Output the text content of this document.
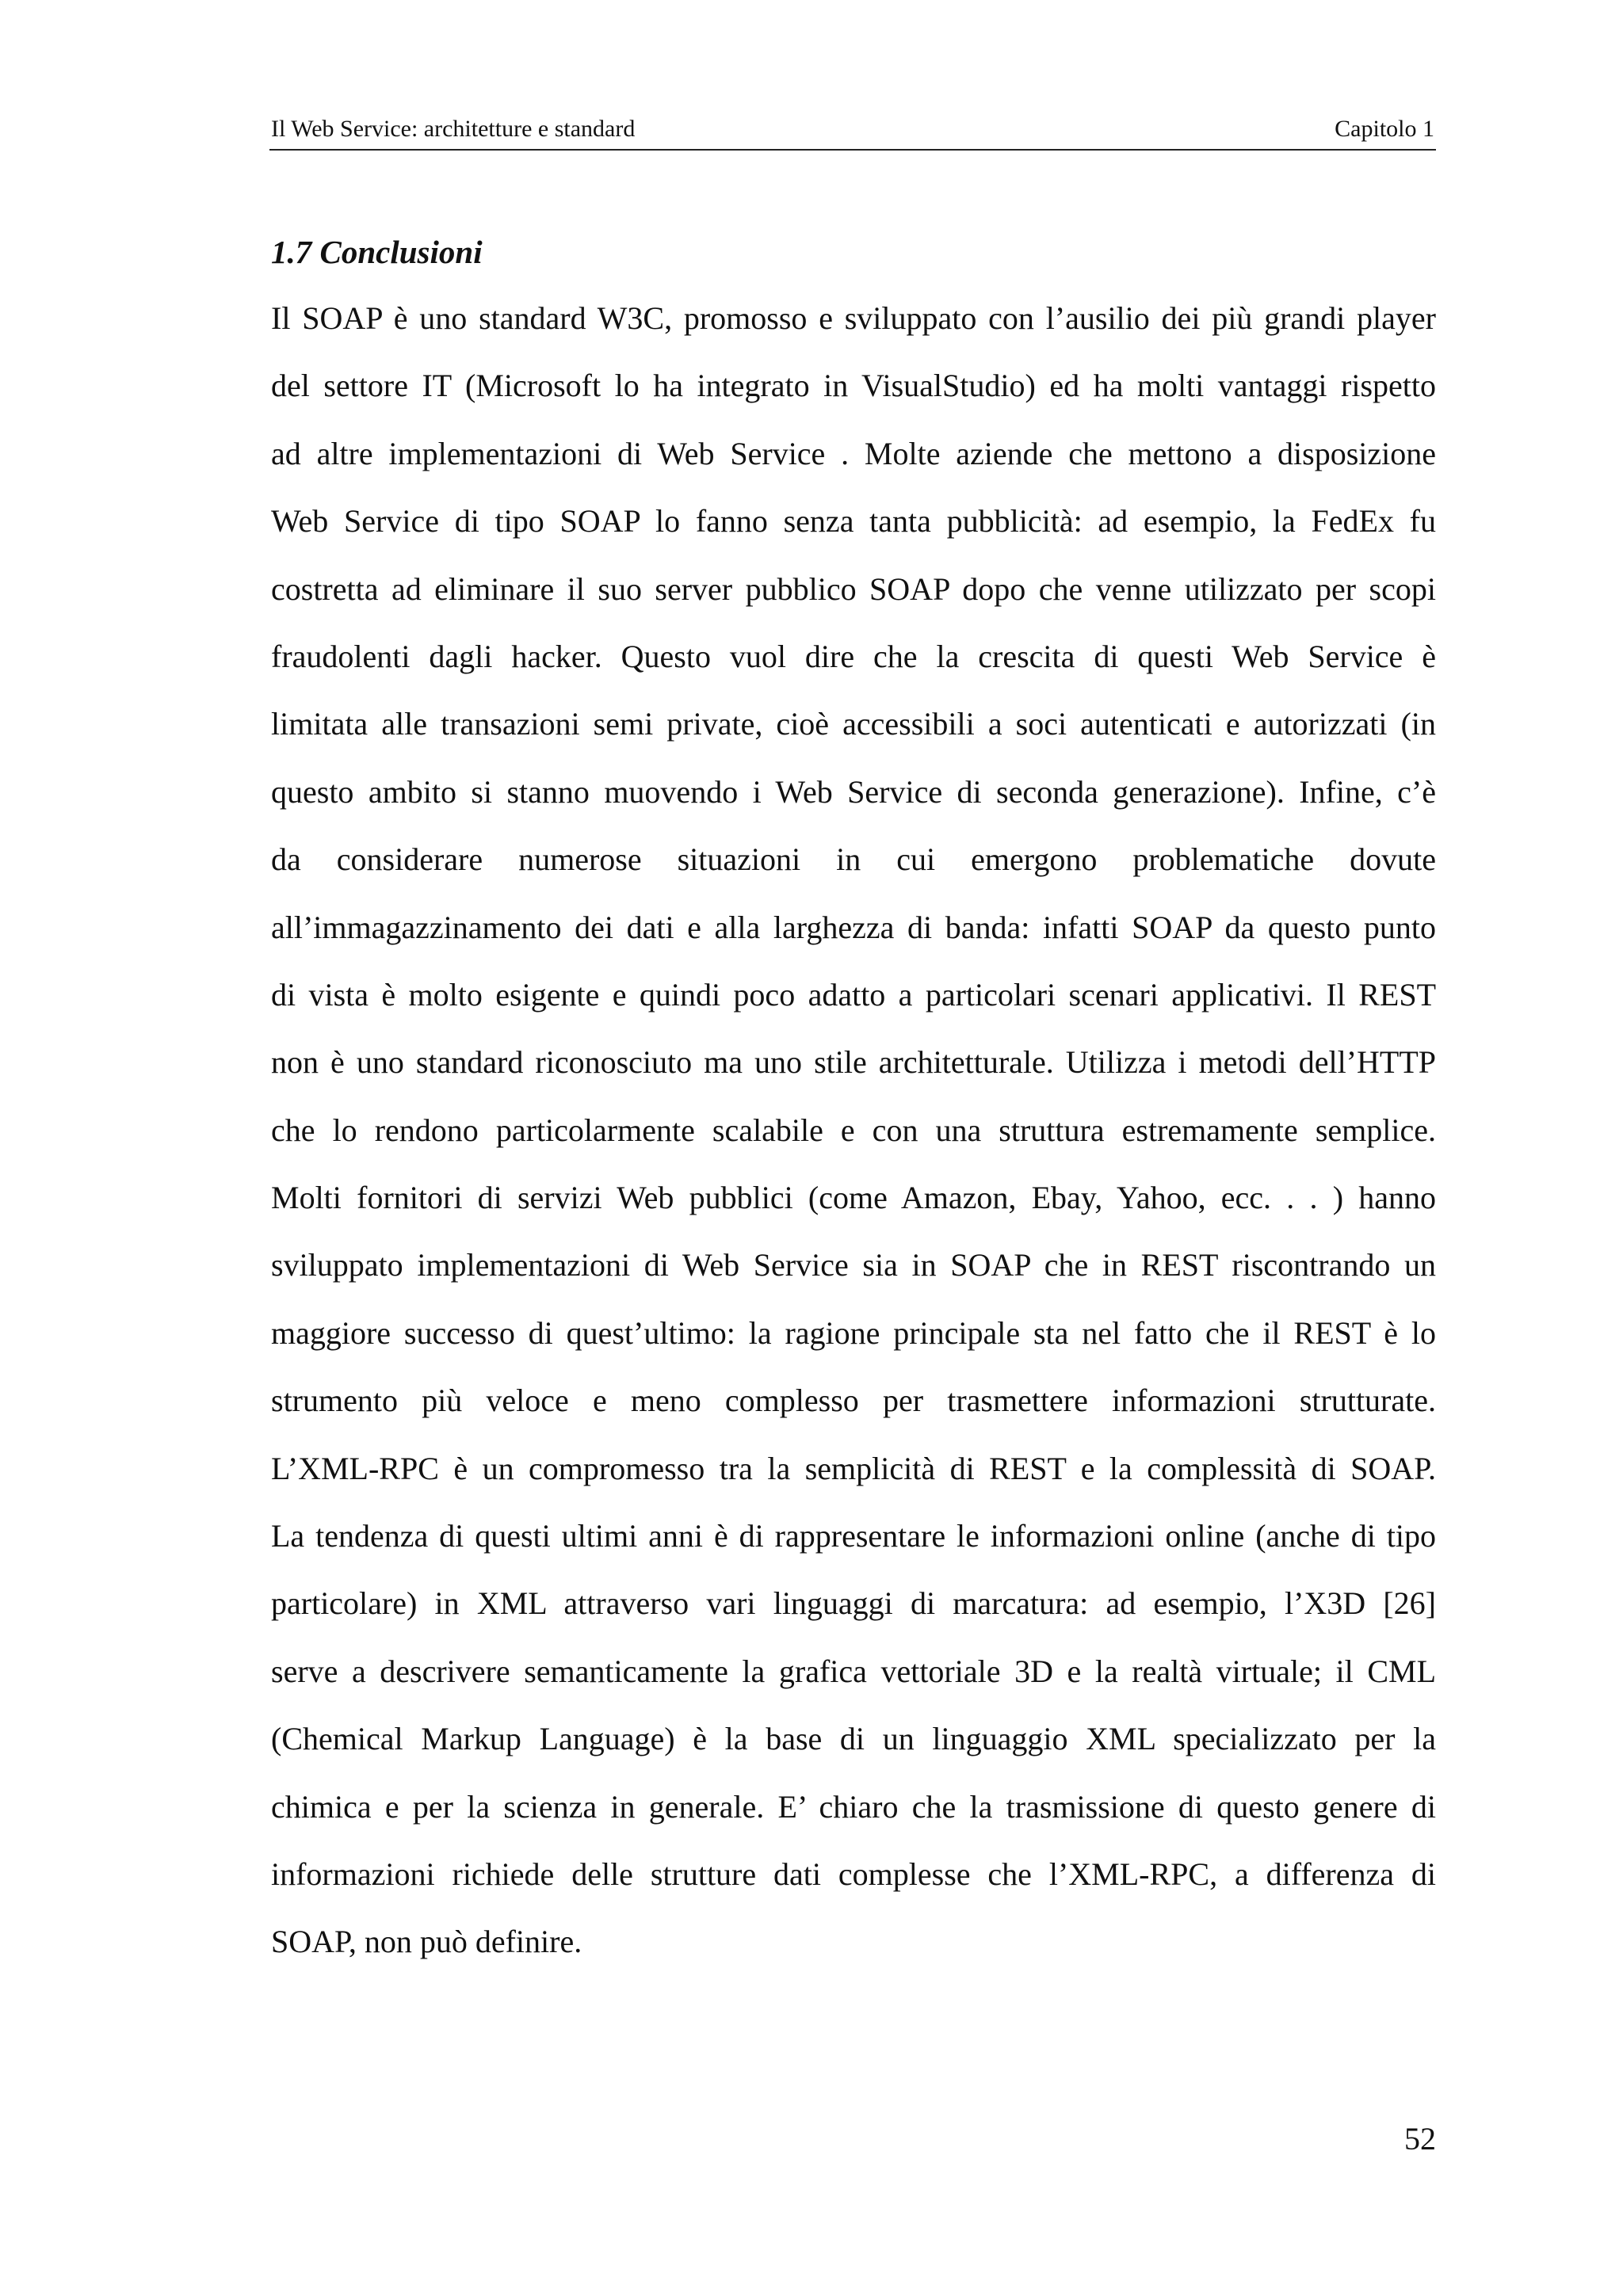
Il Web Service: architetture e standard	Capitolo 1
1.7 Conclusioni
Il SOAP è uno standard W3C, promosso e sviluppato con l’ausilio dei più grandi player
del settore IT (Microsoft lo ha integrato in VisualStudio) ed ha molti vantaggi rispetto
ad altre implementazioni di Web Service . Molte aziende che mettono a disposizione
Web Service di tipo SOAP lo fanno senza tanta pubblicità: ad esempio, la FedEx fu
costretta ad eliminare il suo server pubblico SOAP dopo che venne utilizzato per scopi
fraudolenti dagli hacker. Questo vuol dire che la crescita di questi Web Service è
limitata alle transazioni semi private, cioè accessibili a soci autenticati e autorizzati (in
questo ambito si stanno muovendo i Web Service di seconda generazione). Infine, c’è
da considerare numerose situazioni in cui emergono problematiche dovute
all’immagazzinamento dei dati e alla larghezza di banda: infatti SOAP da questo punto
di vista è molto esigente e quindi poco adatto a particolari scenari applicativi. Il REST
non è uno standard riconosciuto ma uno stile architetturale. Utilizza i metodi dell’HTTP
che lo rendono particolarmente scalabile e con una struttura estremamente semplice.
Molti fornitori di servizi Web pubblici (come Amazon, Ebay, Yahoo, ecc. . . ) hanno
sviluppato implementazioni di Web Service sia in SOAP che in REST riscontrando un
maggiore successo di quest’ultimo: la ragione principale sta nel fatto che il REST è lo
strumento più veloce e meno complesso per trasmettere informazioni strutturate.
L’XML-RPC è un compromesso tra la semplicità di REST e la complessità di SOAP.
La tendenza di questi ultimi anni è di rappresentare le informazioni online (anche di tipo
particolare) in XML attraverso vari linguaggi di marcatura: ad esempio, l’X3D [26]
serve a descrivere semanticamente la grafica vettoriale 3D e la realtà virtuale; il CML
(Chemical Markup Language) è la base di un linguaggio XML specializzato per la
chimica e per la scienza in generale. E’ chiaro che la trasmissione di questo genere di
informazioni richiede delle strutture dati complesse che l’XML-RPC, a differenza di
SOAP, non può definire.
52
